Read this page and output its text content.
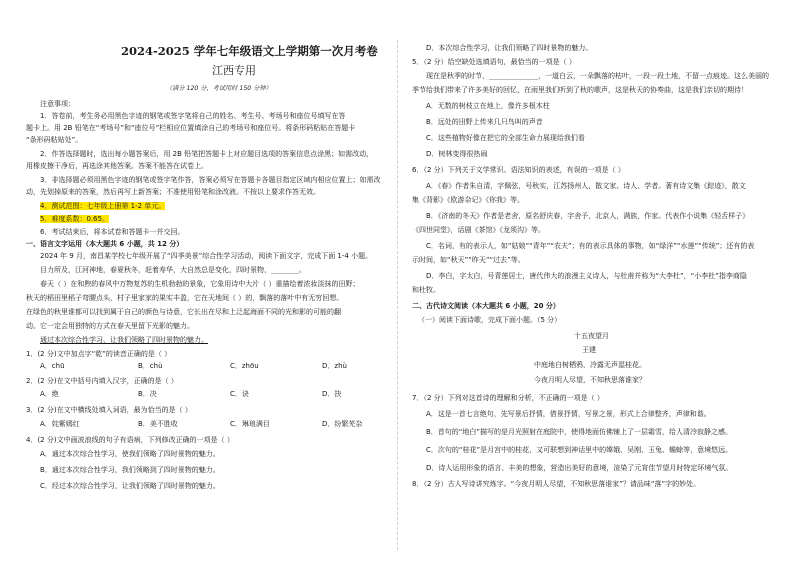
2024-2025 学年七年级语文上学期第一次月考卷
江西专用
（满分 120 分，考试用时 150 分钟）
注意事项：
1．答卷前，考生务必用黑色字迹的钢笔或签字笔将自己的姓名、考生号、考场号和座位号填写在答
题卡上。用 2B 铅笔在“考场号”和“座位号”栏相应位置填涂自己的考场号和座位号。将条形码粘贴在答题卡
“条形码粘贴处”。
2．作答选择题时，选出每小题答案后，用 2B 铅笔把答题卡上对应题目选项的答案信息点涂黑；如需改动，
用橡皮擦干净后，再选涂其他答案。答案不能答在试卷上。
3．非选择题必须用黑色字迹的钢笔或签字笔作答，答案必须写在答题卡各题目指定区域内相应位置上；如需改
动，先划掉原来的答案，然后再写上新答案；不准使用铅笔和涂改液。不按以上要求作答无效。
4．测试范围：七年级上册第 1-2 单元。
5．难度系数：0.65。
6．考试结束后，将本试卷和答题卡一并交回。
一、语言文字运用（本大题共 6 小题，共 12 分）
2024 年 9 月，南昌某学校七年级开展了“四季美景”综合性学习活动，阅读下面文字，完成下面 1-4 小题。
目力所及，江河神地，春夏秋冬，赶着寿华，大自然总是变化，四时景物，________。
春天（ ）在和煦的春风中万物复苏的生机勃勃的景象，它象用诗中大片（ ）重描绘着浓妆淡抹的田野；
秋天的稻田里稻子弯腰点头，村子里家家的果实丰盈，它在天地间（ ）的，飘落的落叶中有无穷回想。
在绿色的秋里谁都可以找到属于自己的颜色与诗意，它长出在尽和上泛起海面不同的光和影的可能的翻
动。它一定会用独特的方式在春天里留下光影的魅力。
通过本次综合性学习，让我们领略了四时景物的魅力。
1．(2 分)文中加点字“乾”的读音正确的是（ ）
A．chū	B．chù	C．zhōu	D．zhù
2．(2 分)在文中括号内填入汉字，正确的是（ ）
A．绝	B．决	C．诀	D．抉
3．(2 分)在文中横线处填入词语，最为恰当的是（ ）
A．姹紫嫣红	B．美不胜收	C．琳琅满目	D．纷繁芜杂
4．(2 分)文中画波浪线的句子有语病，下列修改正确的一项是（ ）
A．通过本次综合性学习，使我们领略了四时景物的魅力。
B．通过本次综合性学习，我们领略到了四时景物的魅力。
C．经过本次综合性学习，让我们领略了四时景物的魅力。
D．本次综合性学习，让我们领略了四时景物的魅力。
5．（2 分）给空缺处选填语句，最恰当的一项是（ ）
现在是秋季的时节，______________，一道白云，一朵飘落的枯叶，一段一段土地，不留一点痕迹。这么美丽的
季节给我们带来了许多美好的回忆，在雨里我们听到了秋的歌声，这是秋天的协奏曲，这是我们亲切的期待！
A．无数的树枝立在地上，像许多根木柱
B．远处的田野上传来几只鸟叫的声音
C．这些植物好像在把它的全部生命力展现给我们看
D．树林变得很热闹
6．（2 分）下列关于文学常识、语法知识的表述，有误的一项是（ ）
A．《春》作者朱自清，字佩弦，号秋实，江苏扬州人，散文家、诗人、学者。著有诗文集《踪迹》，散文
集《背影》《欧游杂记》《你我》等。
B．《济南的冬天》作者是老舍，原名舒庆春，字舍予，北京人，满族，作家。代表作小说集《轻舌样子》
《四世同堂》，话剧《茶馆》《龙须沟》等。
C．名词，有的表示人，如“姑娘”“青年”“农夫”；有的表示具体的事物，如“绿洋”“水莲”“传统”；还有的表
示时间，如“秋天”“昨天”“过去”等。
D．李白，字太白，号青莲居士，唐代伟大的浪漫主义诗人，与杜甫并称为“大李杜”，“小李杜”指李商隐
和杜牧。
二、古代诗文阅读（本大题共 6 小题，20 分）
（一）阅读下面诗歌，完成下面小题。（5 分）
十五夜望月
王建
中庭地白树栖鸦，冷露无声湿桂花。
今夜月明人尽望，不知秋思落谁家？
7．（2 分）下列对这首诗的理解和分析，不正确的一项是（ ）
A．这是一首七言绝句，先写景后抒情，借景抒情，写景之景，形式上合律整齐，声律和谐。
B．首句的“地白”描写的是月光照射在庭院中，使得地面仿佛铺上了一层霜雪，给人清冷寂静之感。
C．次句的“桂花”是月宫中的桂花，又可联想到神话里中的嫦娥、吴刚、玉兔、蟾蜍等，意境悠远。
D．诗人运用形象的语言、丰美的想象，营造出美好的意境，渲染了元宵佳节望月时特定环境气氛。
8．（2 分）古人写诗讲究炼字。“今夜月明人尽望，不知秋思落谁家”？请品味“落”字的妙处。
